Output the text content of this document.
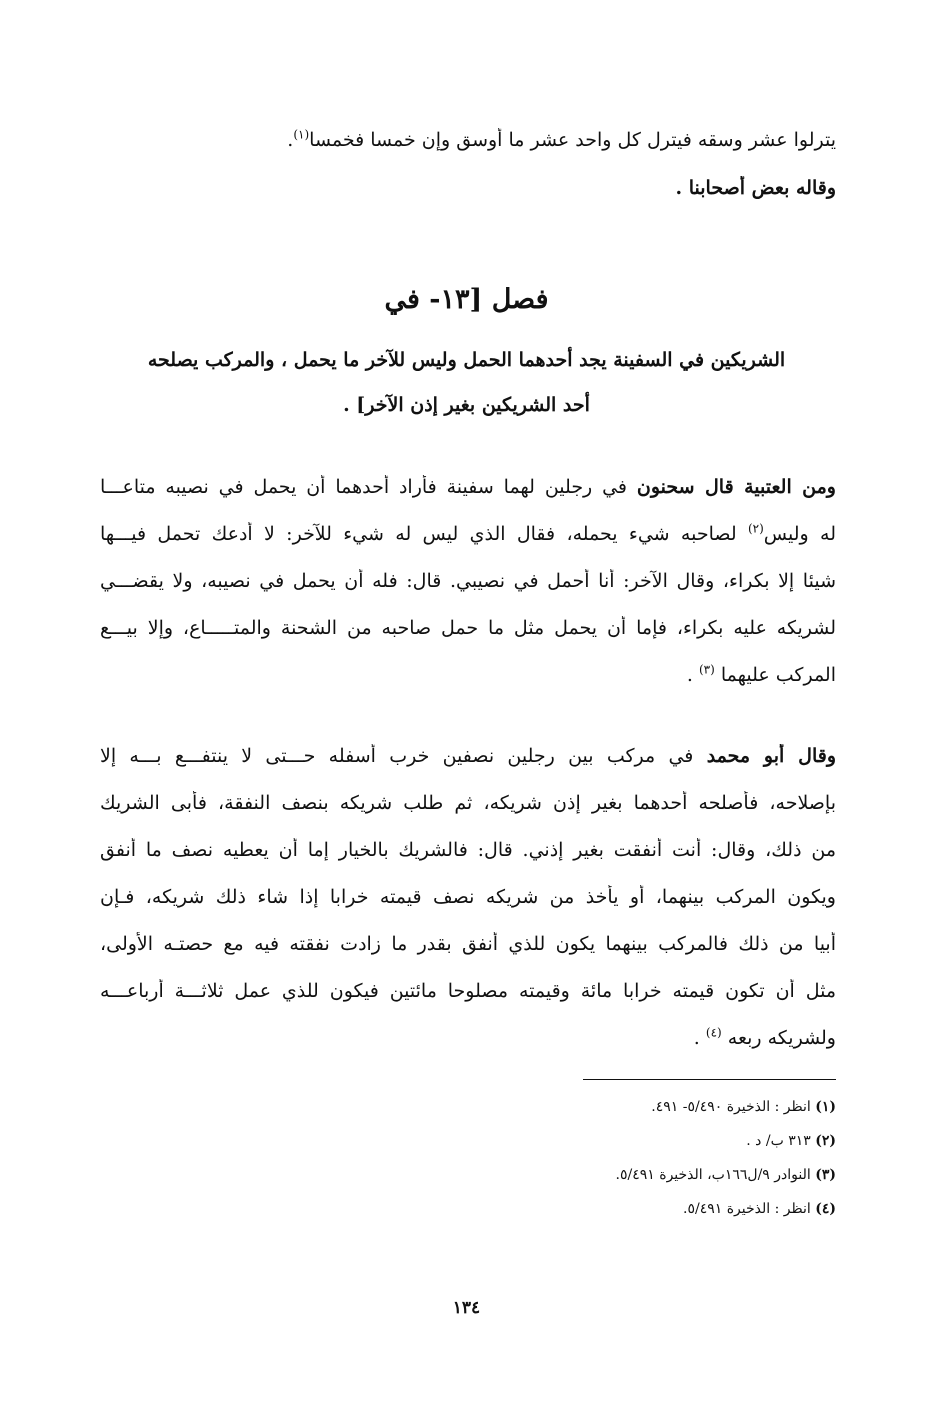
يترلوا عشر وسقه فيترل كل واحد عشر ما أوسق وإن خمسا فخمسا$^{(١)}$.
وقاله بعض أصحابنا .
فصل [١٣- في
الشريكين في السفينة يجد أحدهما الحمل وليس للآخر ما يحمل ، والمركب يصلحه
أحد الشريكين بغير إذن الآخر] .
ومن العتبية قال سحنون في رجلين لهما سفينة فأراد أحدهما أن يحمل في نصيبه متاعـــا
له وليس$^{(٢)}$ لصاحبه شيء يحمله، فقال الذي ليس له شيء للآخر: لا أدعك تحمل فيـــها
شيئا إلا بكراء، وقال الآخر: أنا أحمل في نصيبي. قال: فله أن يحمل في نصيبه، ولا يقضـــي
لشريكه عليه بكراء، فإما أن يحمل مثل ما حمل صاحبه من الشحنة والمتـــــاع، وإلا بيـــع
المركب عليهما $^{(٣)}$ .
وقال أبو محمد في مركب بين رجلين نصفين خرب أسفله حـــتى لا ينتفـــع بـــه إلا
بإصلاحه، فأصلحه أحدهما بغير إذن شريكه، ثم طلب شريكه بنصف النفقة، فأبى الشريك
من ذلك، وقال: أنت أنفقت بغير إذني. قال: فالشريك بالخيار إما أن يعطيه نصف ما أنفق
ويكون المركب بينهما، أو يأخذ من شريكه نصف قيمته خرابا إذا شاء ذلك شريكه، فـإن
أبيا من ذلك فالمركب بينهما يكون للذي أنفق بقدر ما زادت نفقته فيه مع حصتـه الأولى،
مثل أن تكون قيمته خرابا مائة وقيمته مصلوحا مائتين فيكون للذي عمل ثلاثـــة أرباعـــه
ولشريكه ربعه $^{(٤)}$ .
(١) انظر : الذخيرة ٥/٤٩٠- ٤٩١.
(٢) ٣١٣ ب/ د .
(٣) النوادر ٩/ل١٦٦ب، الذخيرة ٥/٤٩١.
(٤) انظر : الذخيرة ٥/٤٩١.
١٣٤
